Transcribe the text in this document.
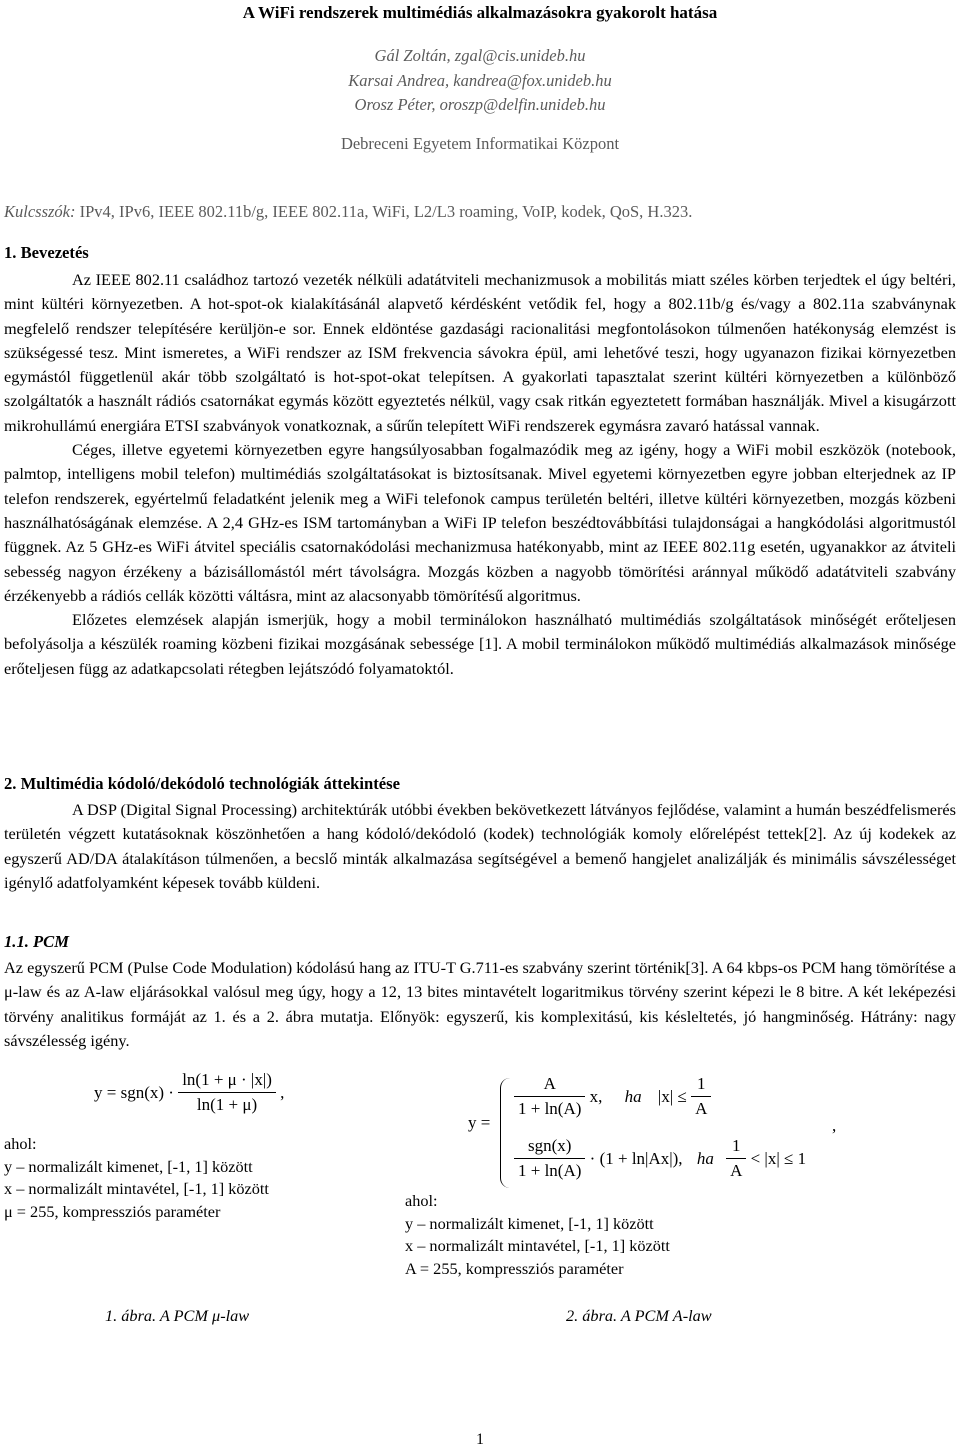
A WiFi rendszerek multimédiás alkalmazásokra gyakorolt hatása
Gál Zoltán, zgal@cis.unideb.hu
Karsai Andrea, kandrea@fox.unideb.hu
Orosz Péter, oroszp@delfin.unideb.hu
Debreceni Egyetem Informatikai Központ
Kulcsszók: IPv4, IPv6, IEEE 802.11b/g, IEEE 802.11a, WiFi, L2/L3 roaming, VoIP, kodek, QoS, H.323.
1. Bevezetés

Az IEEE 802.11 családhoz tartozó vezeték nélküli adatátviteli mechanizmusok a mobilitás miatt széles körben terjedtek el úgy beltéri, mint kültéri környezetben. A hot-spot-ok kialakításánál alapvető kérdésként vetődik fel, hogy a 802.11b/g és/vagy a 802.11a szabványnak megfelelő rendszer telepítésére kerüljön-e sor. Ennek eldöntése gazdasági racionalitási megfontolásokon túlmenően hatékonyság elemzést is szükségessé tesz. Mint ismeretes, a WiFi rendszer az ISM frekvencia sávokra épül, ami lehetővé teszi, hogy ugyanazon fizikai környezetben egymástól függetlenül akár több szolgáltató is hot-spot-okat telepítsen. A gyakorlati tapasztalat szerint kültéri környezetben a különböző szolgáltatók a használt rádiós csatornákat egymás között egyeztetés nélkül, vagy csak ritkán egyeztetett formában használják. Mivel a kisugárzott mikrohullámú energiára ETSI szabványok vonatkoznak, a sűrűn telepített WiFi rendszerek egymásra zavaró hatással vannak.

Céges, illetve egyetemi környezetben egyre hangsúlyosabban fogalmazódik meg az igény, hogy a WiFi mobil eszközök (notebook, palmtop, intelligens mobil telefon) multimédiás szolgáltatásokat is biztosítsanak. Mivel egyetemi környezetben egyre jobban elterjednek az IP telefon rendszerek, egyértelmű feladatként jelenik meg a WiFi telefonok campus területén beltéri, illetve kültéri környezetben, mozgás közbeni használhatóságának elemzése. A 2,4 GHz-es ISM tartományban a WiFi IP telefon beszédtovábbítási tulajdonságai a hangkódolási algoritmustól függnek. Az 5 GHz-es WiFi átvitel speciális csatornakódolási mechanizmusa hatékonyabb, mint az IEEE 802.11g esetén, ugyanakkor az átviteli sebesség nagyon érzékeny a bázisállomástól mért távolságra. Mozgás közben a nagyobb tömörítési aránnyal működő adatátviteli szabvány érzékenyebb a rádiós cellák közötti váltásra, mint az alacsonyabb tömörítésű algoritmus.

Előzetes elemzések alapján ismerjük, hogy a mobil terminálokon használható multimédiás szolgáltatások minőségét erőteljesen befolyásolja a készülék roaming közbeni fizikai mozgásának sebessége [1]. A mobil terminálokon működő multimédiás alkalmazások minősége erőteljesen függ az adatkapcsolati rétegben lejátszódó folyamatoktól.

2. Multimédia kódoló/dekódoló technológiák áttekintése

A DSP (Digital Signal Processing) architektúrák utóbbi években bekövetkezett látványos fejlődése, valamint a humán beszédfelismerés területén végzett kutatásoknak köszönhetően a hang kódoló/dekódoló (kodek) technológiák komoly előrelépést tettek[2]. Az új kodekek az egyszerű AD/DA átalakításon túlmenően, a becslő minták alkalmazása segítségével a bemenő hangjelet analizálják és minimális sávszélességet igénylő adatfolyamként képesek tovább küldeni.

1.1. PCM

Az egyszerű PCM (Pulse Code Modulation) kódolású hang az ITU-T G.711-es szabvány szerint történik[3]. A 64 kbps-os PCM hang tömörítése a μ-law és az A-law eljárásokkal valósul meg úgy, hogy a 12, 13 bites mintavételt logaritmikus törvény szerint képezi le 8 bitre. A két leképezési törvény analitikus formáját az 1. és a 2. ábra mutatja. Előnyök: egyszerű, kis komplexitású, kis késleltetés, jó hangminőség. Hátrány: nagy sávszélesség igény.

$y = sgn(x) \cdot \frac{\ln(1 + \mu \cdot |x|)}{\ln(1 + \mu)}$ ,
ahol:
y – normalizált kimenet, [-1, 1] között
x – normalizált mintavétel, [-1, 1] között
μ = 255, kompressziós paraméter
1. ábra. A PCM μ-law
y =
$\frac{A}{1 + \ln(A)} x$, ha $|x| \le \frac{1}{A}$
$\frac{\text{sgn(x)}}{1 + \ln(A)} \cdot (1 + \ln|Ax|)$, ha $\frac{1}{A} < |x| \le 1$
,
ahol:
y – normalizált kimenet, [-1, 1] között
x – normalizált mintavétel, [-1, 1] között
A = 255, kompressziós paraméter
2. ábra. A PCM A-law
1
